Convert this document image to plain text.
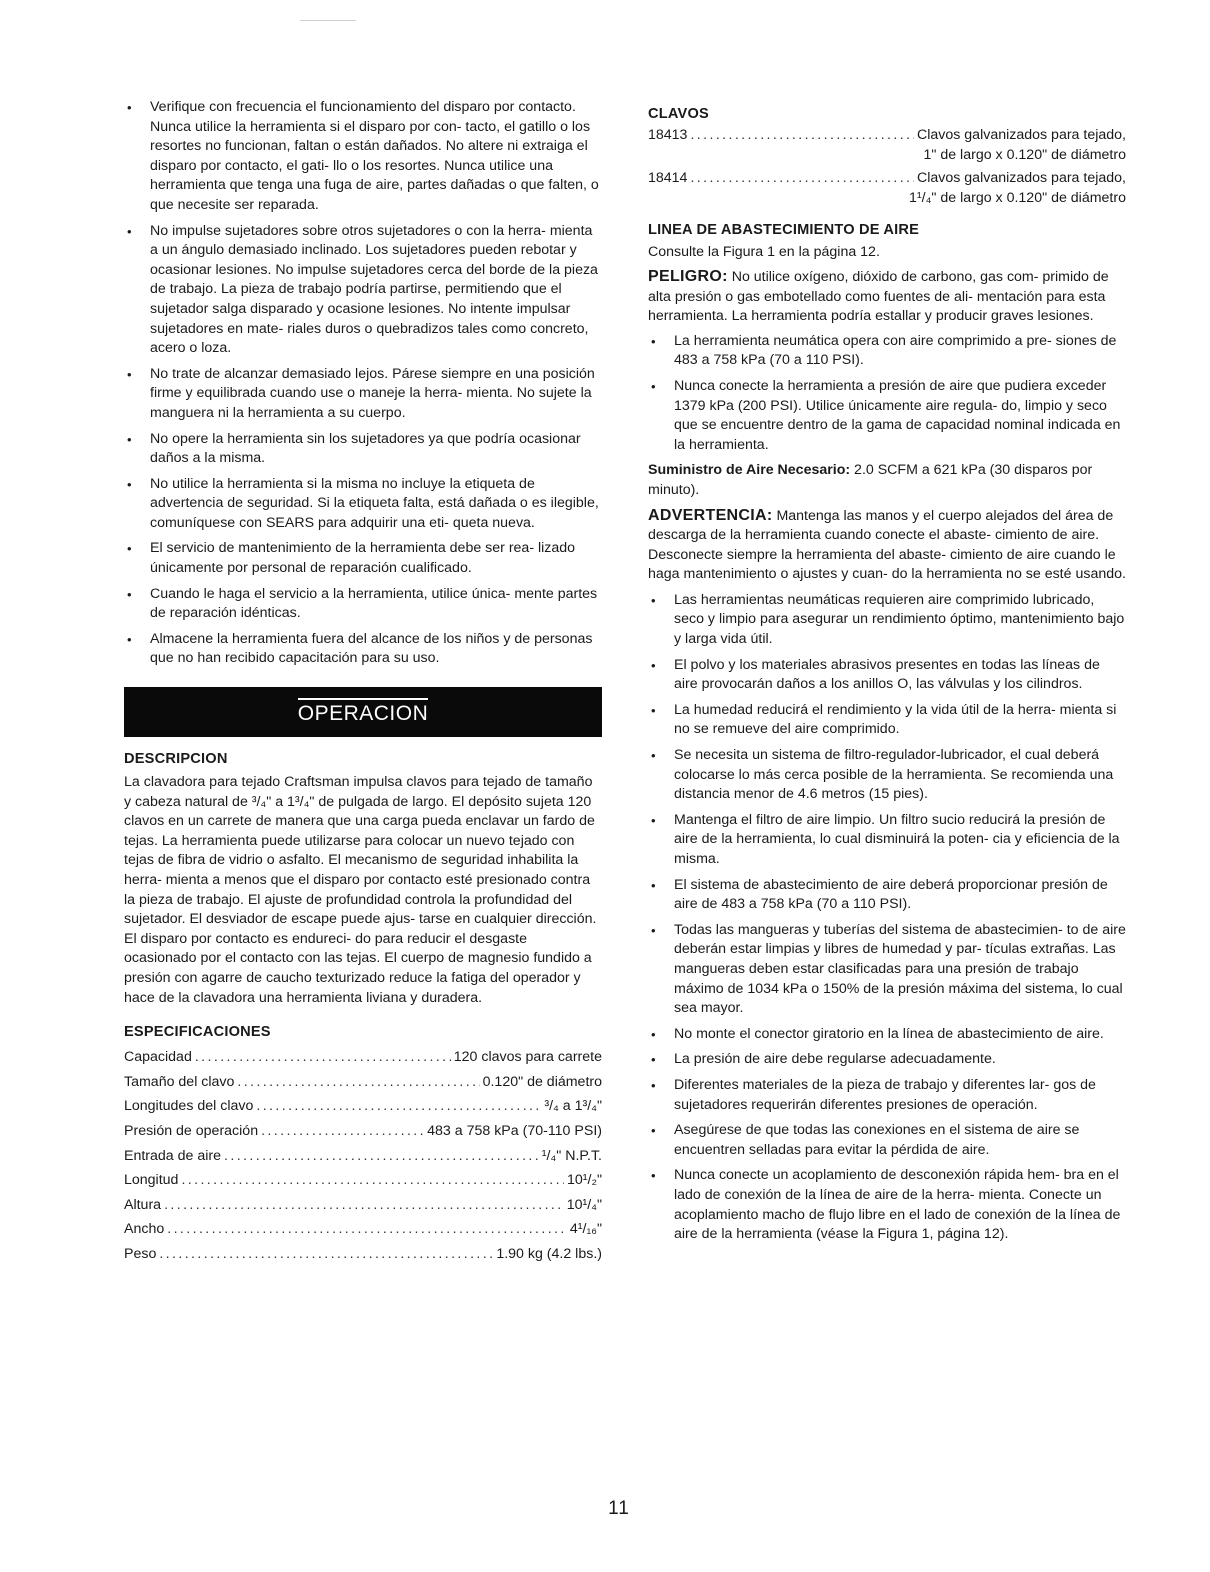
• Verifique con frecuencia el funcionamiento del disparo por contacto. Nunca utilice la herramienta si el disparo por con- tacto, el gatillo o los resortes no funcionan, faltan o están dañados. No altere ni extraiga el disparo por contacto, el gati- llo o los resortes. Nunca utilice una herramienta que tenga una fuga de aire, partes dañadas o que falten, o que necesite ser reparada.
• No impulse sujetadores sobre otros sujetadores o con la herra- mienta a un ángulo demasiado inclinado. Los sujetadores pueden rebotar y ocasionar lesiones. No impulse sujetadores cerca del borde de la pieza de trabajo. La pieza de trabajo podría partirse, permitiendo que el sujetador salga disparado y ocasione lesiones. No intente impulsar sujetadores en mate- riales duros o quebradizos tales como concreto, acero o loza.
• No trate de alcanzar demasiado lejos. Párese siempre en una posición firme y equilibrada cuando use o maneje la herra- mienta. No sujete la manguera ni la herramienta a su cuerpo.
• No opere la herramienta sin los sujetadores ya que podría ocasionar daños a la misma.
• No utilice la herramienta si la misma no incluye la etiqueta de advertencia de seguridad. Si la etiqueta falta, está dañada o es ilegible, comuníquese con SEARS para adquirir una eti- queta nueva.
• El servicio de mantenimiento de la herramienta debe ser rea- lizado únicamente por personal de reparación cualificado.
• Cuando le haga el servicio a la herramienta, utilice única- mente partes de reparación idénticas.
• Almacene la herramienta fuera del alcance de los niños y de personas que no han recibido capacitación para su uso.
OPERACION
DESCRIPCION

La clavadora para tejado Craftsman impulsa clavos para tejado de tamaño y cabeza natural de ³/₄" a 1³/₄" de pulgada de largo. El depósito sujeta 120 clavos en un carrete de manera que una carga pueda enclavar un fardo de tejas. La herramienta puede utilizarse para colocar un nuevo tejado con tejas de fibra de vidrio o asfalto. El mecanismo de seguridad inhabilita la herra- mienta a menos que el disparo por contacto esté presionado contra la pieza de trabajo. El ajuste de profundidad controla la profundidad del sujetador. El desviador de escape puede ajus- tarse en cualquier dirección. El disparo por contacto es endureci- do para reducir el desgaste ocasionado por el contacto con las tejas. El cuerpo de magnesio fundido a presión con agarre de caucho texturizado reduce la fatiga del operador y hace de la clavadora una herramienta liviana y duradera.

ESPECIFICACIONES
Capacidad .....	120 clavos para carrete
Tamaño del clavo .....	0.120" de diámetro
Longitudes del clavo .....	³/₄ a 1³/₄"
Presión de operación .....	483 a 758 kPa (70-110 PSI)
Entrada de aire .....	¹/₄" N.P.T.
Longitud .....	10¹/₂"
Altura .....	10¹/₄"
Ancho .....	4¹/₁₆"
Peso .....	1.90 kg (4.2 lbs.)
CLAVOS
18413 .....	Clavos galvanizados para tejado,
1" de largo x 0.120" de diámetro
18414 .....	Clavos galvanizados para tejado,
1¹/₄" de largo x 0.120" de diámetro
LINEA DE ABASTECIMIENTO DE AIRE

Consulte la Figura 1 en la página 12.

PELIGRO: No utilice oxígeno, dióxido de carbono, gas com- primido de alta presión o gas embotellado como fuentes de ali- mentación para esta herramienta. La herramienta podría estallar y producir graves lesiones.

• La herramienta neumática opera con aire comprimido a pre- siones de 483 a 758 kPa (70 a 110 PSI).
• Nunca conecte la herramienta a presión de aire que pudiera exceder 1379 kPa (200 PSI). Utilice únicamente aire regula- do, limpio y seco que se encuentre dentro de la gama de capacidad nominal indicada en la herramienta.

Suministro de Aire Necesario: 2.0 SCFM a 621 kPa (30 disparos por minuto).

ADVERTENCIA: Mantenga las manos y el cuerpo alejados del área de descarga de la herramienta cuando conecte el abaste- cimiento de aire. Desconecte siempre la herramienta del abaste- cimiento de aire cuando le haga mantenimiento o ajustes y cuan- do la herramienta no se esté usando.

• Las herramientas neumáticas requieren aire comprimido lubricado, seco y limpio para asegurar un rendimiento óptimo, mantenimiento bajo y larga vida útil.
• El polvo y los materiales abrasivos presentes en todas las líneas de aire provocarán daños a los anillos O, las válvulas y los cilindros.
• La humedad reducirá el rendimiento y la vida útil de la herra- mienta si no se remueve del aire comprimido.
• Se necesita un sistema de filtro-regulador-lubricador, el cual deberá colocarse lo más cerca posible de la herramienta. Se recomienda una distancia menor de 4.6 metros (15 pies).
• Mantenga el filtro de aire limpio. Un filtro sucio reducirá la presión de aire de la herramienta, lo cual disminuirá la poten- cia y eficiencia de la misma.
• El sistema de abastecimiento de aire deberá proporcionar presión de aire de 483 a 758 kPa (70 a 110 PSI).
• Todas las mangueras y tuberías del sistema de abastecimien- to de aire deberán estar limpias y libres de humedad y par- tículas extrañas. Las mangueras deben estar clasificadas para una presión de trabajo máximo de 1034 kPa o 150% de la presión máxima del sistema, lo cual sea mayor.
• No monte el conector giratorio en la línea de abastecimiento de aire.
• La presión de aire debe regularse adecuadamente.
• Diferentes materiales de la pieza de trabajo y diferentes lar- gos de sujetadores requerirán diferentes presiones de operación.
• Asegúrese de que todas las conexiones en el sistema de aire se encuentren selladas para evitar la pérdida de aire.
• Nunca conecte un acoplamiento de desconexión rápida hem- bra en el lado de conexión de la línea de aire de la herra- mienta. Conecte un acoplamiento macho de flujo libre en el lado de conexión de la línea de aire de la herramienta (véase la Figura 1, página 12).
11
